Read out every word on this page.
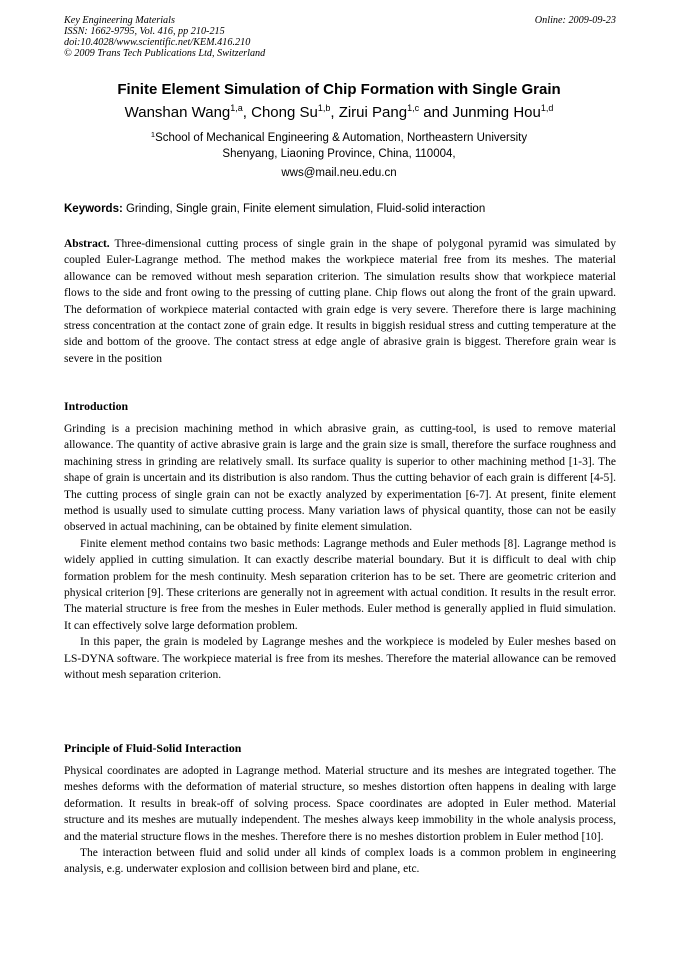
Key Engineering Materials
ISSN: 1662-9795, Vol. 416, pp 210-215
doi:10.4028/www.scientific.net/KEM.416.210
© 2009 Trans Tech Publications Ltd, Switzerland
Online: 2009-09-23
Finite Element Simulation of Chip Formation with Single Grain
Wanshan Wang$^{1,a}$, Chong Su$^{1,b}$, Zirui Pang$^{1,c}$ and Junming Hou$^{1,d}$
$^1$School of Mechanical Engineering & Automation, Northeastern University
Shenyang, Liaoning Province, China, 110004,
wws@mail.neu.edu.cn
Keywords: Grinding, Single grain, Finite element simulation, Fluid-solid interaction
Abstract. Three-dimensional cutting process of single grain in the shape of polygonal pyramid was simulated by coupled Euler-Lagrange method. The method makes the workpiece material free from its meshes. The material allowance can be removed without mesh separation criterion. The simulation results show that workpiece material flows to the side and front owing to the pressing of cutting plane. Chip flows out along the front of the grain upward. The deformation of workpiece material contacted with grain edge is very severe. Therefore there is large machining stress concentration at the contact zone of grain edge. It results in biggish residual stress and cutting temperature at the side and bottom of the groove. The contact stress at edge angle of abrasive grain is biggest. Therefore grain wear is severe in the position
Introduction

Grinding is a precision machining method in which abrasive grain, as cutting-tool, is used to remove material allowance. The quantity of active abrasive grain is large and the grain size is small, therefore the surface roughness and machining stress in grinding are relatively small. Its surface quality is superior to other machining method [1-3]. The shape of grain is uncertain and its distribution is also random. Thus the cutting behavior of each grain is different [4-5]. The cutting process of single grain can not be exactly analyzed by experimentation [6-7]. At present, finite element method is usually used to simulate cutting process. Many variation laws of physical quantity, those can not be easily observed in actual machining, can be obtained by finite element simulation.

Finite element method contains two basic methods: Lagrange methods and Euler methods [8]. Lagrange method is widely applied in cutting simulation. It can exactly describe material boundary. But it is difficult to deal with chip formation problem for the mesh continuity. Mesh separation criterion has to be set. There are geometric criterion and physical criterion [9]. These criterions are generally not in agreement with actual condition. It results in the result error. The material structure is free from the meshes in Euler methods. Euler method is generally applied in fluid simulation. It can effectively solve large deformation problem.

In this paper, the grain is modeled by Lagrange meshes and the workpiece is modeled by Euler meshes based on LS-DYNA software. The workpiece material is free from its meshes. Therefore the material allowance can be removed without mesh separation criterion.

Principle of Fluid-Solid Interaction

Physical coordinates are adopted in Lagrange method. Material structure and its meshes are integrated together. The meshes deforms with the deformation of material structure, so meshes distortion often happens in dealing with large deformation. It results in break-off of solving process. Space coordinates are adopted in Euler method. Material structure and its meshes are mutually independent. The meshes always keep immobility in the whole analysis process, and the material structure flows in the meshes. Therefore there is no meshes distortion problem in Euler method [10].

The interaction between fluid and solid under all kinds of complex loads is a common problem in engineering analysis, e.g. underwater explosion and collision between bird and plane, etc.
